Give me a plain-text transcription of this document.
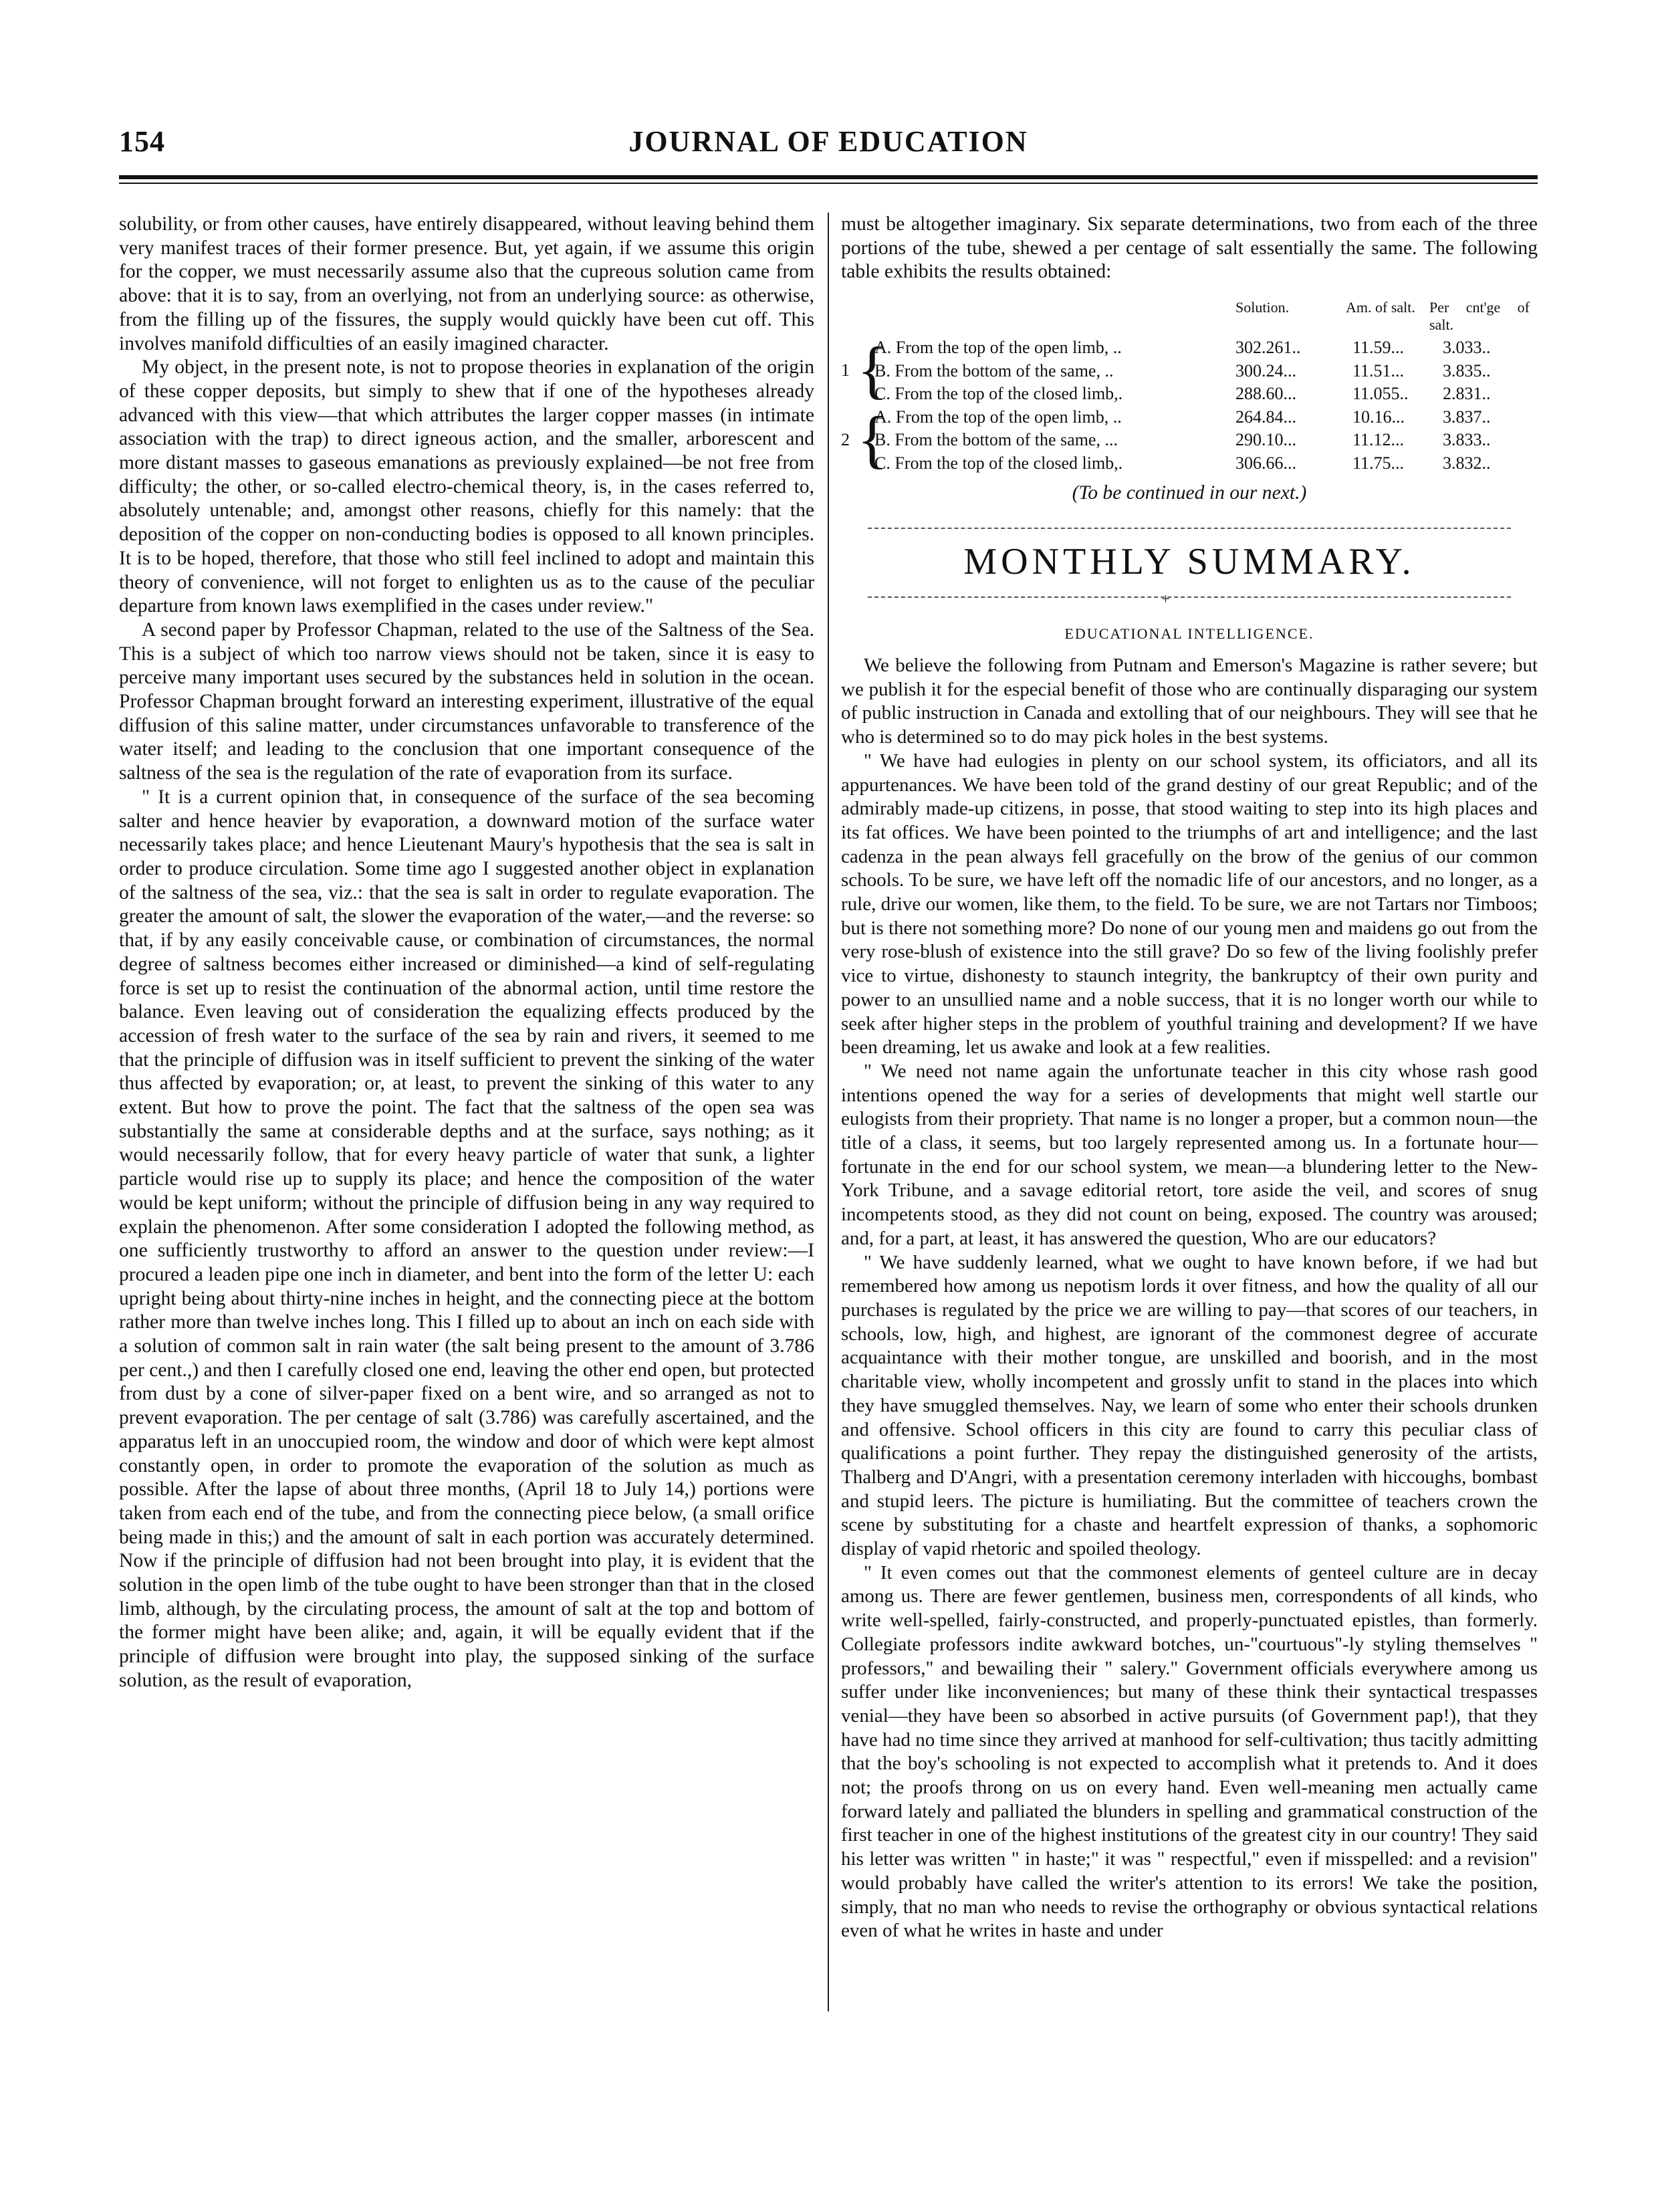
154	JOURNAL OF EDUCATION

solubility, or from other causes, have entirely disappeared, without leaving behind them very manifest traces of their former presence. But, yet again, if we assume this origin for the copper, we must necessarily assume also that the cupreous solution came from above: that it is to say, from an overlying, not from an underlying source: as otherwise, from the filling up of the fissures, the supply would quickly have been cut off. This involves manifold difficulties of an easily imagined character.

My object, in the present note, is not to propose theories in explanation of the origin of these copper deposits, but simply to shew that if one of the hypotheses already advanced with this view—that which attributes the larger copper masses (in intimate association with the trap) to direct igneous action, and the smaller, arborescent and more distant masses to gaseous emanations as previously explained—be not free from difficulty; the other, or so-called electro-chemical theory, is, in the cases referred to, absolutely untenable; and, amongst other reasons, chiefly for this namely: that the deposition of the copper on non-conducting bodies is opposed to all known principles. It is to be hoped, therefore, that those who still feel inclined to adopt and maintain this theory of convenience, will not forget to enlighten us as to the cause of the peculiar departure from known laws exemplified in the cases under review."

A second paper by Professor Chapman, related to the use of the Saltness of the Sea. This is a subject of which too narrow views should not be taken, since it is easy to perceive many important uses secured by the substances held in solution in the ocean. Professor Chapman brought forward an interesting experiment, illustrative of the equal diffusion of this saline matter, under circumstances unfavorable to transference of the water itself; and leading to the conclusion that one important consequence of the saltness of the sea is the regulation of the rate of evaporation from its surface.

" It is a current opinion that, in consequence of the surface of the sea becoming salter and hence heavier by evaporation, a downward motion of the surface water necessarily takes place; and hence Lieutenant Maury's hypothesis that the sea is salt in order to produce circulation. Some time ago I suggested another object in explanation of the saltness of the sea, viz.: that the sea is salt in order to regulate evaporation. The greater the amount of salt, the slower the evaporation of the water,—and the reverse: so that, if by any easily conceivable cause, or combination of circumstances, the normal degree of saltness becomes either increased or diminished—a kind of self-regulating force is set up to resist the continuation of the abnormal action, until time restore the balance. Even leaving out of consideration the equalizing effects produced by the accession of fresh water to the surface of the sea by rain and rivers, it seemed to me that the principle of diffusion was in itself sufficient to prevent the sinking of the water thus affected by evaporation; or, at least, to prevent the sinking of this water to any extent. But how to prove the point. The fact that the saltness of the open sea was substantially the same at considerable depths and at the surface, says nothing; as it would necessarily follow, that for every heavy particle of water that sunk, a lighter particle would rise up to supply its place; and hence the composition of the water would be kept uniform; without the principle of diffusion being in any way required to explain the phenomenon. After some consideration I adopted the following method, as one sufficiently trustworthy to afford an answer to the question under review:—I procured a leaden pipe one inch in diameter, and bent into the form of the letter U: each upright being about thirty-nine inches in height, and the connecting piece at the bottom rather more than twelve inches long. This I filled up to about an inch on each side with a solution of common salt in rain water (the salt being present to the amount of 3.786 per cent.,) and then I carefully closed one end, leaving the other end open, but protected from dust by a cone of silver-paper fixed on a bent wire, and so arranged as not to prevent evaporation. The per centage of salt (3.786) was carefully ascertained, and the apparatus left in an unoccupied room, the window and door of which were kept almost constantly open, in order to promote the evaporation of the solution as much as possible. After the lapse of about three months, (April 18 to July 14,) portions were taken from each end of the tube, and from the connecting piece below, (a small orifice being made in this;) and the amount of salt in each portion was accurately determined. Now if the principle of diffusion had not been brought into play, it is evident that the solution in the open limb of the tube ought to have been stronger than that in the closed limb, although, by the circulating process, the amount of salt at the top and bottom of the former might have been alike; and, again, it will be equally evident that if the principle of diffusion were brought into play, the supposed sinking of the surface solution, as the result of evaporation,

must be altogether imaginary. Six separate determinations, two from each of the three portions of the tube, shewed a per centage of salt essentially the same. The following table exhibits the results obtained:

Solution.	Am. of salt. Per cnt'ge of salt.
1 {
A. From the top of the open limb, ..	302.261..	11.59... 3.033..
B. From the bottom of the same, ..	300.24...	11.51... 3.835..
C. From the top of the closed limb,.	288.60...	11.055.. 2.831..
2 {
A. From the top of the open limb, ..	264.84...	10.16... 3.837..
B. From the bottom of the same, ...	290.10...	11.12... 3.833..
C. From the top of the closed limb,.	306.66...	11.75... 3.832..
(To be continued in our next.)
MONTHLY SUMMARY.
+
EDUCATIONAL INTELLIGENCE.

We believe the following from Putnam and Emerson's Magazine is rather severe; but we publish it for the especial benefit of those who are continually disparaging our system of public instruction in Canada and extolling that of our neighbours. They will see that he who is determined so to do may pick holes in the best systems.

" We have had eulogies in plenty on our school system, its officiators, and all its appurtenances. We have been told of the grand destiny of our great Republic; and of the admirably made-up citizens, in posse, that stood waiting to step into its high places and its fat offices. We have been pointed to the triumphs of art and intelligence; and the last cadenza in the pean always fell gracefully on the brow of the genius of our common schools. To be sure, we have left off the nomadic life of our ancestors, and no longer, as a rule, drive our women, like them, to the field. To be sure, we are not Tartars nor Timboos; but is there not something more? Do none of our young men and maidens go out from the very rose-blush of existence into the still grave? Do so few of the living foolishly prefer vice to virtue, dishonesty to staunch integrity, the bankruptcy of their own purity and power to an unsullied name and a noble success, that it is no longer worth our while to seek after higher steps in the problem of youthful training and development? If we have been dreaming, let us awake and look at a few realities.

" We need not name again the unfortunate teacher in this city whose rash good intentions opened the way for a series of developments that might well startle our eulogists from their propriety. That name is no longer a proper, but a common noun—the title of a class, it seems, but too largely represented among us. In a fortunate hour—fortunate in the end for our school system, we mean—a blundering letter to the New-York Tribune, and a savage editorial retort, tore aside the veil, and scores of snug incompetents stood, as they did not count on being, exposed. The country was aroused; and, for a part, at least, it has answered the question, Who are our educators?

" We have suddenly learned, what we ought to have known before, if we had but remembered how among us nepotism lords it over fitness, and how the quality of all our purchases is regulated by the price we are willing to pay—that scores of our teachers, in schools, low, high, and highest, are ignorant of the commonest degree of accurate acquaintance with their mother tongue, are unskilled and boorish, and in the most charitable view, wholly incompetent and grossly unfit to stand in the places into which they have smuggled themselves. Nay, we learn of some who enter their schools drunken and offensive. School officers in this city are found to carry this peculiar class of qualifications a point further. They repay the distinguished generosity of the artists, Thalberg and D'Angri, with a presentation ceremony interladen with hiccoughs, bombast and stupid leers. The picture is humiliating. But the committee of teachers crown the scene by substituting for a chaste and heartfelt expression of thanks, a sophomoric display of vapid rhetoric and spoiled theology.

" It even comes out that the commonest elements of genteel culture are in decay among us. There are fewer gentlemen, business men, correspondents of all kinds, who write well-spelled, fairly-constructed, and properly-punctuated epistles, than formerly. Collegiate professors indite awkward botches, un-"courtuous"-ly styling themselves " professors," and bewailing their " salery." Government officials everywhere among us suffer under like inconveniences; but many of these think their syntactical trespasses venial—they have been so absorbed in active pursuits (of Government pap!), that they have had no time since they arrived at manhood for self-cultivation; thus tacitly admitting that the boy's schooling is not expected to accomplish what it pretends to. And it does not; the proofs throng on us on every hand. Even well-meaning men actually came forward lately and palliated the blunders in spelling and grammatical construction of the first teacher in one of the highest institutions of the greatest city in our country! They said his letter was written " in haste;" it was " respectful," even if misspelled: and a revision" would probably have called the writer's attention to its errors! We take the position, simply, that no man who needs to revise the orthography or obvious syntactical relations even of what he writes in haste and under
